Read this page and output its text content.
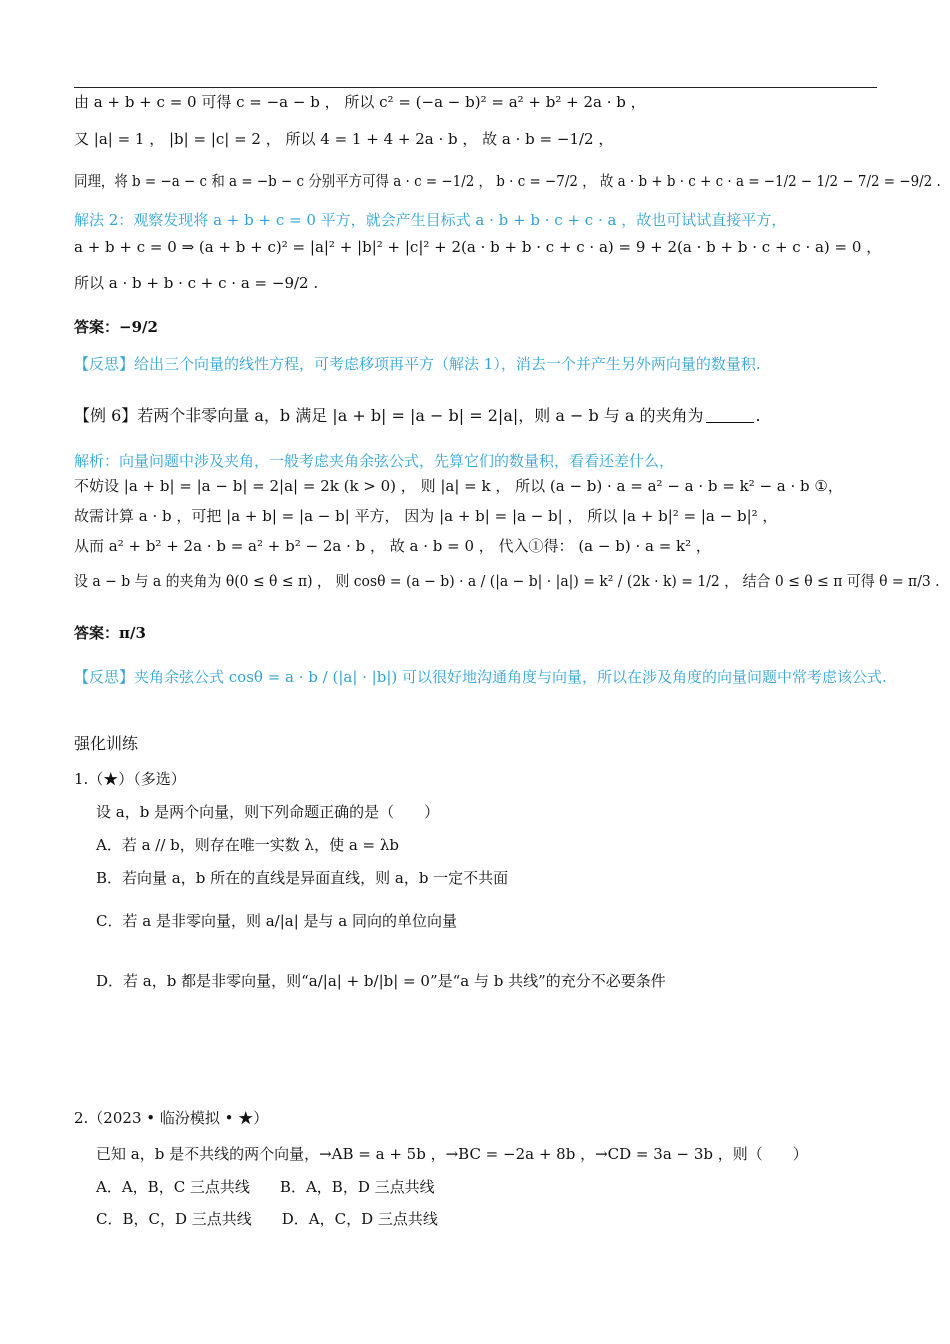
由 a + b + c = 0 可得 c = −a − b ， 所以 c² = (−a − b)² = a² + b² + 2a · b ，
又 |a| = 1 ， |b| = |c| = 2 ， 所以 4 = 1 + 4 + 2a · b ， 故 a · b = −1/2 ，
同理，将 b = −a − c 和 a = −b − c 分别平方可得 a · c = −1/2 ， b · c = −7/2 ， 故 a · b + b · c + c · a = −1/2 − 1/2 − 7/2 = −9/2 .
解法 2：观察发现将 a + b + c = 0 平方，就会产生目标式 a · b + b · c + c · a ，故也可试试直接平方，
a + b + c = 0 ⇒ (a + b + c)² = |a|² + |b|² + |c|² + 2(a · b + b · c + c · a) = 9 + 2(a · b + b · c + c · a) = 0 ，
所以 a · b + b · c + c · a = −9/2 .
答案：−9/2
【反思】给出三个向量的线性方程，可考虑移项再平方（解法 1），消去一个并产生另外两向量的数量积.
【例 6】若两个非零向量 a，b 满足 |a + b| = |a − b| = 2|a|，则 a − b 与 a 的夹角为	.
解析：向量问题中涉及夹角，一般考虑夹角余弦公式，先算它们的数量积，看看还差什么，
不妨设 |a + b| = |a − b| = 2|a| = 2k (k > 0) ， 则 |a| = k ， 所以 (a − b) · a = a² − a · b = k² − a · b ①，
故需计算 a · b ，可把 |a + b| = |a − b| 平方， 因为 |a + b| = |a − b| ， 所以 |a + b|² = |a − b|² ，
从而 a² + b² + 2a · b = a² + b² − 2a · b ， 故 a · b = 0 ， 代入①得： (a − b) · a = k² ，
设 a − b 与 a 的夹角为 θ(0 ≤ θ ≤ π) ， 则 cosθ = (a − b) · a / (|a − b| · |a|) = k² / (2k · k) = 1/2 ， 结合 0 ≤ θ ≤ π 可得 θ = π/3 .
答案：π/3
【反思】夹角余弦公式 cosθ = a · b / (|a| · |b|) 可以很好地沟通角度与向量，所以在涉及角度的向量问题中常考虑该公式.
强化训练
1.（★）（多选）
设 a，b 是两个向量，则下列命题正确的是（　　）
A．若 a // b，则存在唯一实数 λ，使 a = λb
B．若向量 a，b 所在的直线是异面直线，则 a，b 一定不共面
C．若 a 是非零向量，则 a/|a| 是与 a 同向的单位向量
D．若 a，b 都是非零向量，则“a/|a| + b/|b| = 0”是“a 与 b 共线”的充分不必要条件
2.（2023 • 临汾模拟 • ★）
已知 a，b 是不共线的两个向量，→AB = a + 5b ，→BC = −2a + 8b ，→CD = 3a − 3b ，则（　　）
A．A，B，C 三点共线　　B．A，B，D 三点共线
C．B，C，D 三点共线　　D．A，C，D 三点共线
